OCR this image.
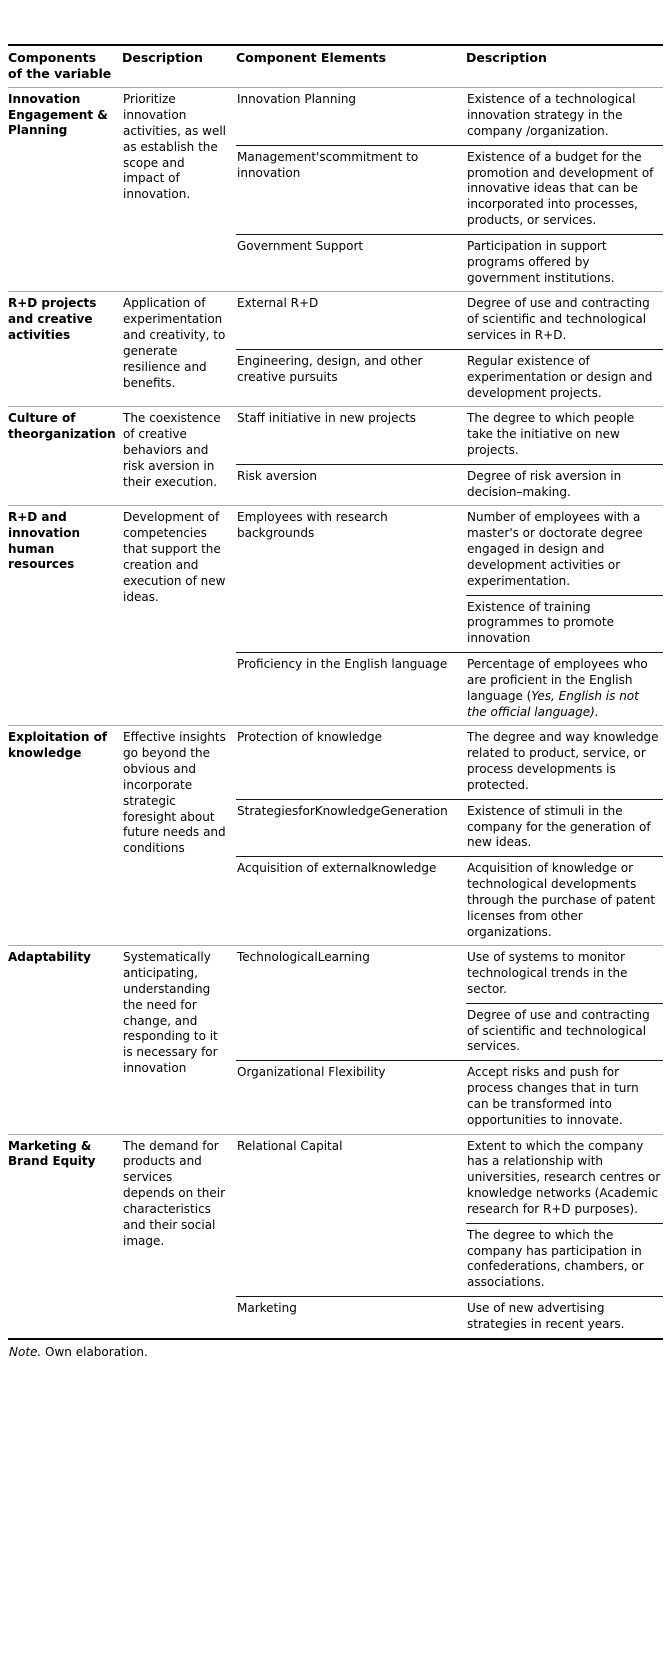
Components of the variable	Description	Component Elements	Description
Innovation Engagement & Planning	Prioritize innovation activities, as well as establish the scope and impact of innovation.	Innovation Planning	Existence of a technological innovation strategy in the company /organization.
		Management'scommitment to innovation	Existence of a budget for the promotion and development of innovative ideas that can be incorporated into processes, products, or services.
		Government Support	Participation in support programs offered by government institutions.
R+D projects and creative activities	Application of experimentation and creativity, to generate resilience and benefits.	External R+D	Degree of use and contracting of scientific and technological services in R+D.
		Engineering, design, and other creative pursuits	Regular existence of experimentation or design and development projects.
Culture of theorganization	The coexistence of creative behaviors and risk aversion in their execution.	Staff initiative in new projects	The degree to which people take the initiative on new projects.
		Risk aversion	Degree of risk aversion in decision–making.
R+D and innovation human resources	Development of competencies that support the creation and execution of new ideas.	Employees with research backgrounds	Number of employees with a master's or doctorate degree engaged in design and development activities or experimentation.
			Existence of training programmes to promote innovation
		Proficiency in the English language	Percentage of employees who are proficient in the English language (Yes, English is not the official language).
Exploitation of knowledge	Effective insights go beyond the obvious and incorporate strategic foresight about future needs and conditions	Protection of knowledge	The degree and way knowledge related to product, service, or process developments is protected.
		StrategiesforKnowledgeGeneration	Existence of stimuli in the company for the generation of new ideas.
		Acquisition of externalknowledge	Acquisition of knowledge or technological developments through the purchase of patent licenses from other organizations.
Adaptability	Systematically anticipating, understanding the need for change, and responding to it is necessary for innovation	TechnologicalLearning	Use of systems to monitor technological trends in the sector.
			Degree of use and contracting of scientific and technological services.
		Organizational Flexibility	Accept risks and push for process changes that in turn can be transformed into opportunities to innovate.
Marketing & Brand Equity	The demand for products and services depends on their characteristics and their social image.	Relational Capital	Extent to which the company has a relationship with universities, research centres or knowledge networks (Academic research for R+D purposes).
			The degree to which the company has participation in confederations, chambers, or associations.
		Marketing	Use of new advertising strategies in recent years.

Note. Own elaboration.
